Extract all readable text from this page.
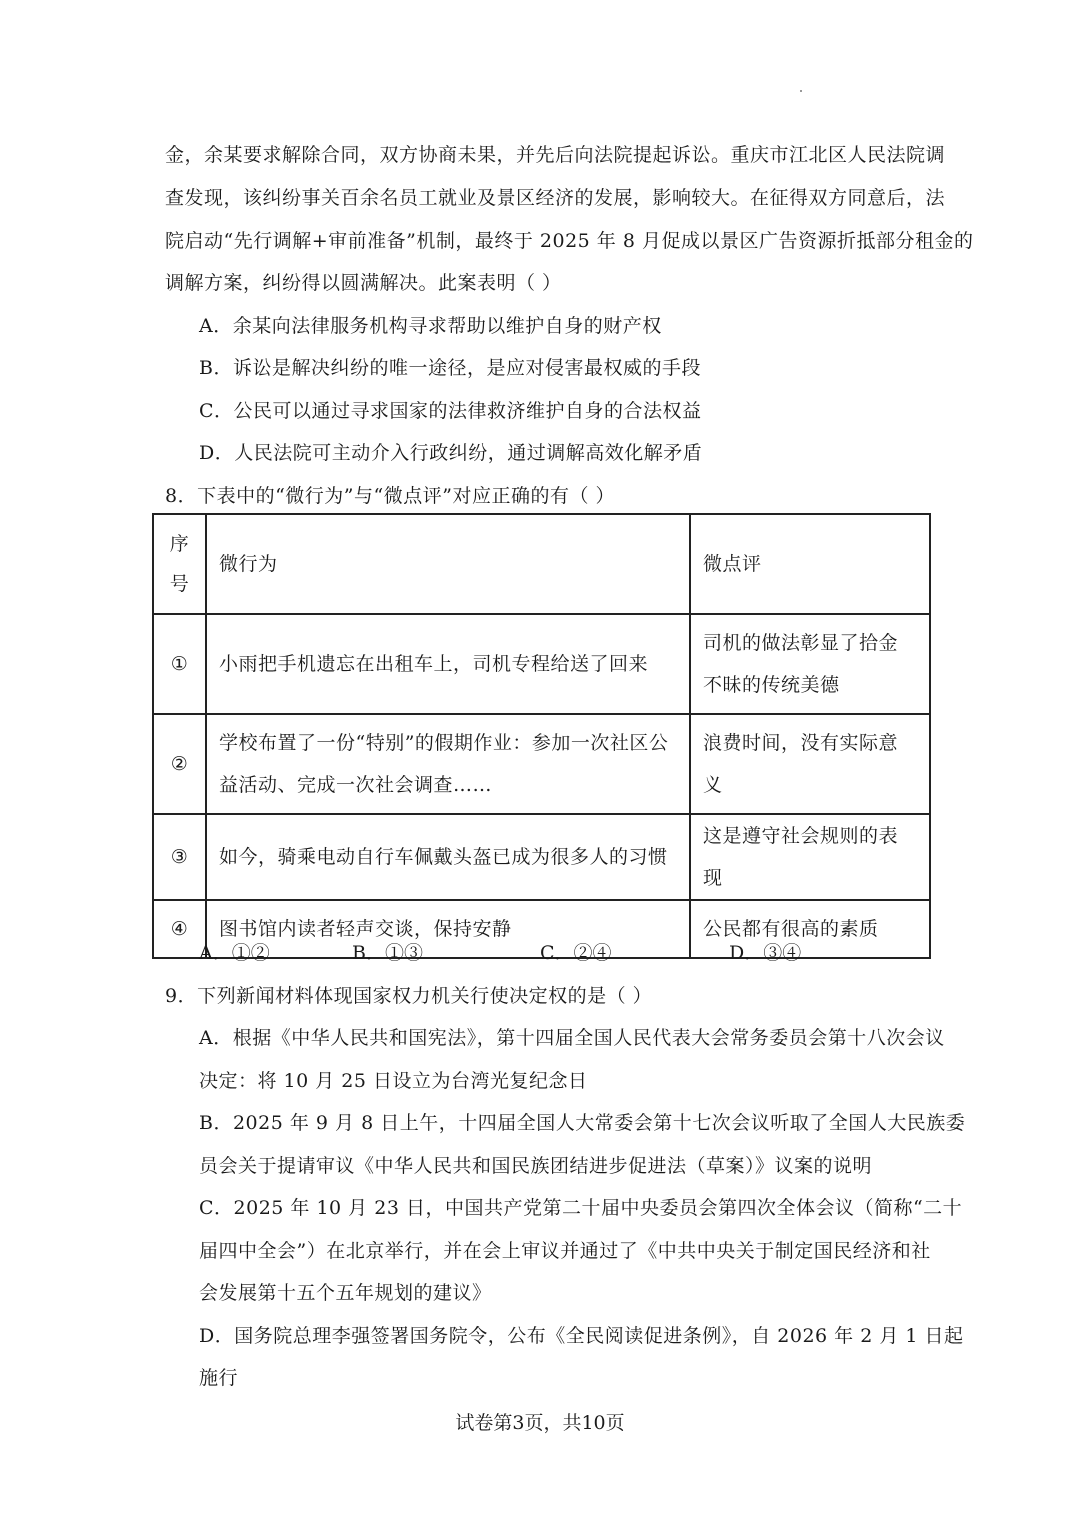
金，余某要求解除合同，双方协商未果，并先后向法院提起诉讼。重庆市江北区人民法院调
查发现，该纠纷事关百余名员工就业及景区经济的发展，影响较大。在征得双方同意后，法
院启动“先行调解+审前准备”机制，最终于 2025 年 8 月促成以景区广告资源折抵部分租金的
调解方案，纠纷得以圆满解决。此案表明（ ）
A．余某向法律服务机构寻求帮助以维护自身的财产权
B．诉讼是解决纠纷的唯一途径，是应对侵害最权威的手段
C．公民可以通过寻求国家的法律救济维护自身的合法权益
D．人民法院可主动介入行政纠纷，通过调解高效化解矛盾
8．下表中的“微行为”与“微点评”对应正确的有（ ）
序号	微行为	微点评
①	小雨把手机遗忘在出租车上，司机专程给送了回来	司机的做法彰显了拾金不昧的传统美德
②	学校布置了一份“特别”的假期作业：参加一次社区公益活动、完成一次社会调查……	浪费时间，没有实际意义
③	如今，骑乘电动自行车佩戴头盔已成为很多人的习惯	这是遵守社会规则的表现
④	图书馆内读者轻声交谈，保持安静	公民都有很高的素质
A．①②	B．①③	C．②④	D．③④
9．下列新闻材料体现国家权力机关行使决定权的是（ ）
A．根据《中华人民共和国宪法》，第十四届全国人民代表大会常务委员会第十八次会议
决定：将 10 月 25 日设立为台湾光复纪念日
B．2025 年 9 月 8 日上午，十四届全国人大常委会第十七次会议听取了全国人大民族委
员会关于提请审议《中华人民共和国民族团结进步促进法（草案）》议案的说明
C．2025 年 10 月 23 日，中国共产党第二十届中央委员会第四次全体会议（简称“二十
届四中全会”）在北京举行，并在会上审议并通过了《中共中央关于制定国民经济和社
会发展第十五个五年规划的建议》
D．国务院总理李强签署国务院令，公布《全民阅读促进条例》，自 2026 年 2 月 1 日起
施行
试卷第3页，共10页
